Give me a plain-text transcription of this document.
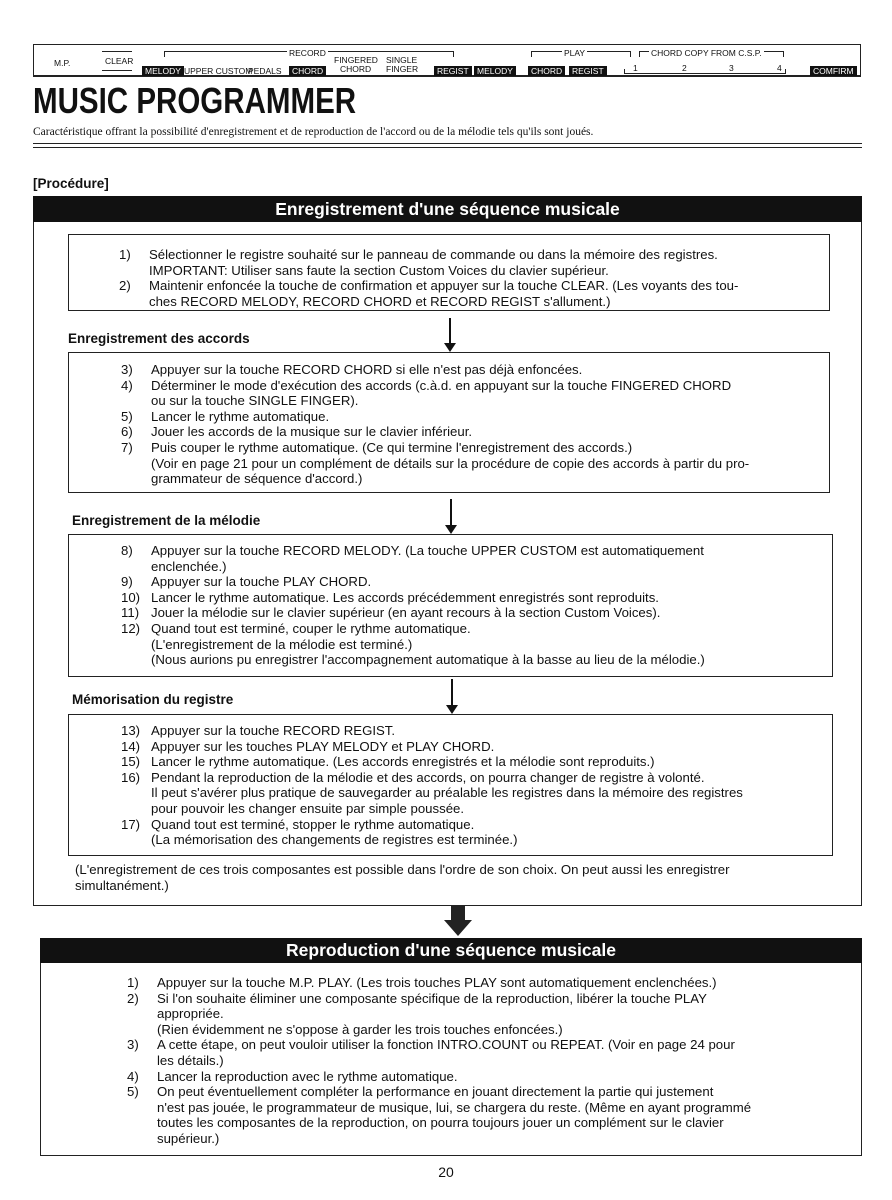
M.P.	CLEAR
RECORD
MELODY UPPER CUSTOM
PEDALS	CHORD
FINGERED
CHORD
SINGLE
FINGER	REGIST
PLAY
MELODY	CHORD	REGIST
CHORD COPY FROM C.S.P.
1	2	3	4	COMFIRM
MUSIC PROGRAMMER
Caractéristique offrant la possibilité d'enregistrement et de reproduction de l'accord ou de la mélodie tels qu'ils sont joués.
[Procédure]
Enregistrement d'une séquence musicale
1)	Sélectionner le registre souhaité sur le panneau de commande ou dans la mémoire des registres.
IMPORTANT: Utiliser sans faute la section Custom Voices du clavier supérieur.
2)	Maintenir enfoncée la touche de confirmation et appuyer sur la touche CLEAR. (Les voyants des tou-
ches RECORD MELODY, RECORD CHORD et RECORD REGIST s'allument.)
Enregistrement des accords
3)	Appuyer sur la touche RECORD CHORD si elle n'est pas déjà enfoncées.
4)	Déterminer le mode d'exécution des accords (c.à.d. en appuyant sur la touche FINGERED CHORD
ou sur la touche SINGLE FINGER).
5)	Lancer le rythme automatique.
6)	Jouer les accords de la musique sur le clavier inférieur.
7)	Puis couper le rythme automatique. (Ce qui termine l'enregistrement des accords.)
(Voir en page 21 pour un complément de détails sur la procédure de copie des accords à partir du pro-
grammateur de séquence d'accord.)
Enregistrement de la mélodie
8)	Appuyer sur la touche RECORD MELODY. (La touche UPPER CUSTOM est automatiquement
enclenchée.)
9)	Appuyer sur la touche PLAY CHORD.
10) Lancer le rythme automatique. Les accords précédemment enregistrés sont reproduits.
11) Jouer la mélodie sur le clavier supérieur (en ayant recours à la section Custom Voices).
12) Quand tout est terminé, couper le rythme automatique.
(L'enregistrement de la mélodie est terminé.)
(Nous aurions pu enregistrer l'accompagnement automatique à la basse au lieu de la mélodie.)
Mémorisation du registre
13) Appuyer sur la touche RECORD REGIST.
14) Appuyer sur les touches PLAY MELODY et PLAY CHORD.
15) Lancer le rythme automatique. (Les accords enregistrés et la mélodie sont reproduits.)
16) Pendant la reproduction de la mélodie et des accords, on pourra changer de registre à volonté.
Il peut s'avérer plus pratique de sauvegarder au préalable les registres dans la mémoire des registres
pour pouvoir les changer ensuite par simple poussée.
17) Quand tout est terminé, stopper le rythme automatique.
(La mémorisation des changements de registres est terminée.)
(L'enregistrement de ces trois composantes est possible dans l'ordre de son choix. On peut aussi les enregistrer
simultanément.)
Reproduction d'une séquence musicale
1)	Appuyer sur la touche M.P. PLAY. (Les trois touches PLAY sont automatiquement enclenchées.)
2)	Si l'on souhaite éliminer une composante spécifique de la reproduction, libérer la touche PLAY
appropriée.
(Rien évidemment ne s'oppose à garder les trois touches enfoncées.)
3)	A cette étape, on peut vouloir utiliser la fonction INTRO.COUNT ou REPEAT. (Voir en page 24 pour
les détails.)
4)	Lancer la reproduction avec le rythme automatique.
5)	On peut éventuellement compléter la performance en jouant directement la partie qui justement
n'est pas jouée, le programmateur de musique, lui, se chargera du reste. (Même en ayant programmé
toutes les composantes de la reproduction, on pourra toujours jouer un complément sur le clavier
supérieur.)
20
